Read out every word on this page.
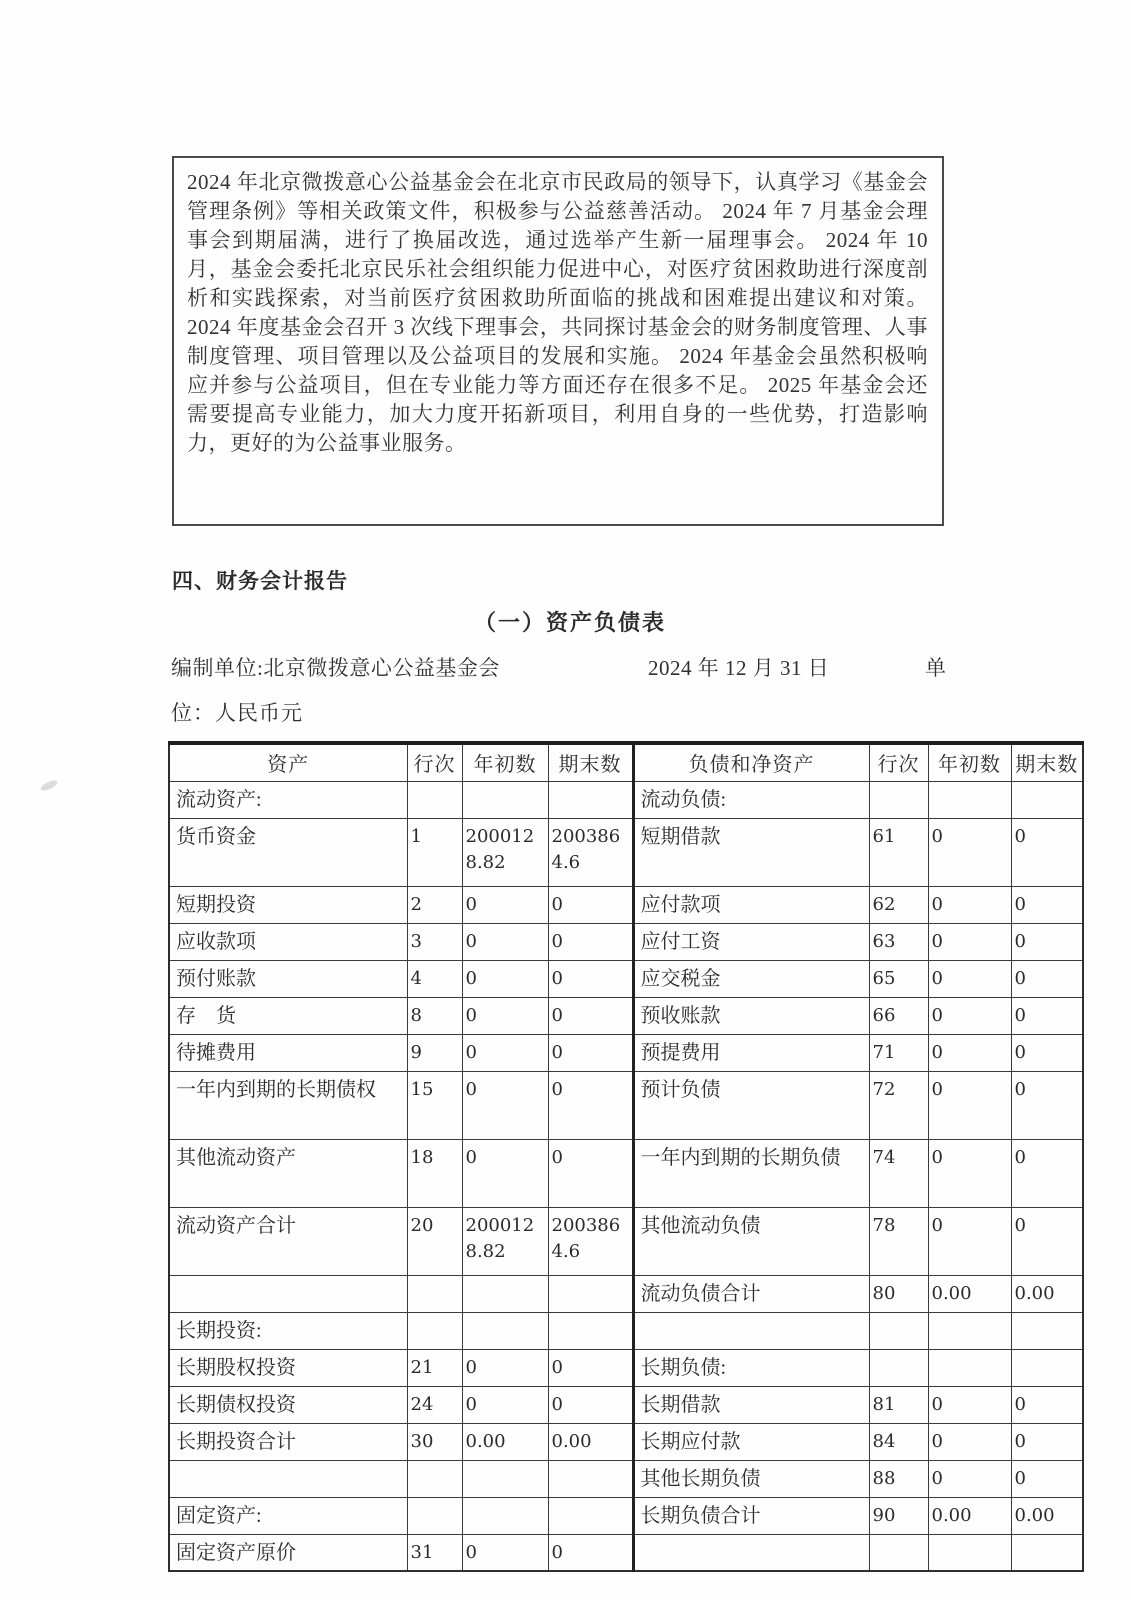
2024 年北京微拨意心公益基金会在北京市民政局的领导下，认真学习《基金会管理条例》等相关政策文件，积极参与公益慈善活动。 2024 年 7 月基金会理事会到期届满，进行了换届改选，通过选举产生新一届理事会。 2024 年 10 月，基金会委托北京民乐社会组织能力促进中心，对医疗贫困救助进行深度剖析和实践探索，对当前医疗贫困救助所面临的挑战和困难提出建议和对策。 2024 年度基金会召开 3 次线下理事会，共同探讨基金会的财务制度管理、人事制度管理、项目管理以及公益项目的发展和实施。 2024 年基金会虽然积极响应并参与公益项目，但在专业能力等方面还存在很多不足。 2025 年基金会还需要提高专业能力，加大力度开拓新项目，利用自身的一些优势，打造影响力，更好的为公益事业服务。

四、财务会计报告
（一）资产负债表
编制单位:北京微拨意心公益基金会	2024 年 12 月 31 日	单
位：人民币元
资产	行次	年初数	期末数	负债和净资产	行次	年初数	期末数
流动资产:				流动负债:			
货币资金	1	2000128.82	2003864.6	短期借款	61	0	0
短期投资	2	0	0	应付款项	62	0	0
应收款项	3	0	0	应付工资	63	0	0
预付账款	4	0	0	应交税金	65	0	0
存　货	8	0	0	预收账款	66	0	0
待摊费用	9	0	0	预提费用	71	0	0
一年内到期的长期债权	15	0	0	预计负债	72	0	0
其他流动资产	18	0	0	一年内到期的长期负债	74	0	0
流动资产合计	20	2000128.82	2003864.6	其他流动负债	78	0	0
				流动负债合计	80	0.00	0.00
长期投资:							
长期股权投资	21	0	0	长期负债:			
长期债权投资	24	0	0	长期借款	81	0	0
长期投资合计	30	0.00	0.00	长期应付款	84	0	0
				其他长期负债	88	0	0
固定资产:				长期负债合计	90	0.00	0.00
固定资产原价	31	0	0				
